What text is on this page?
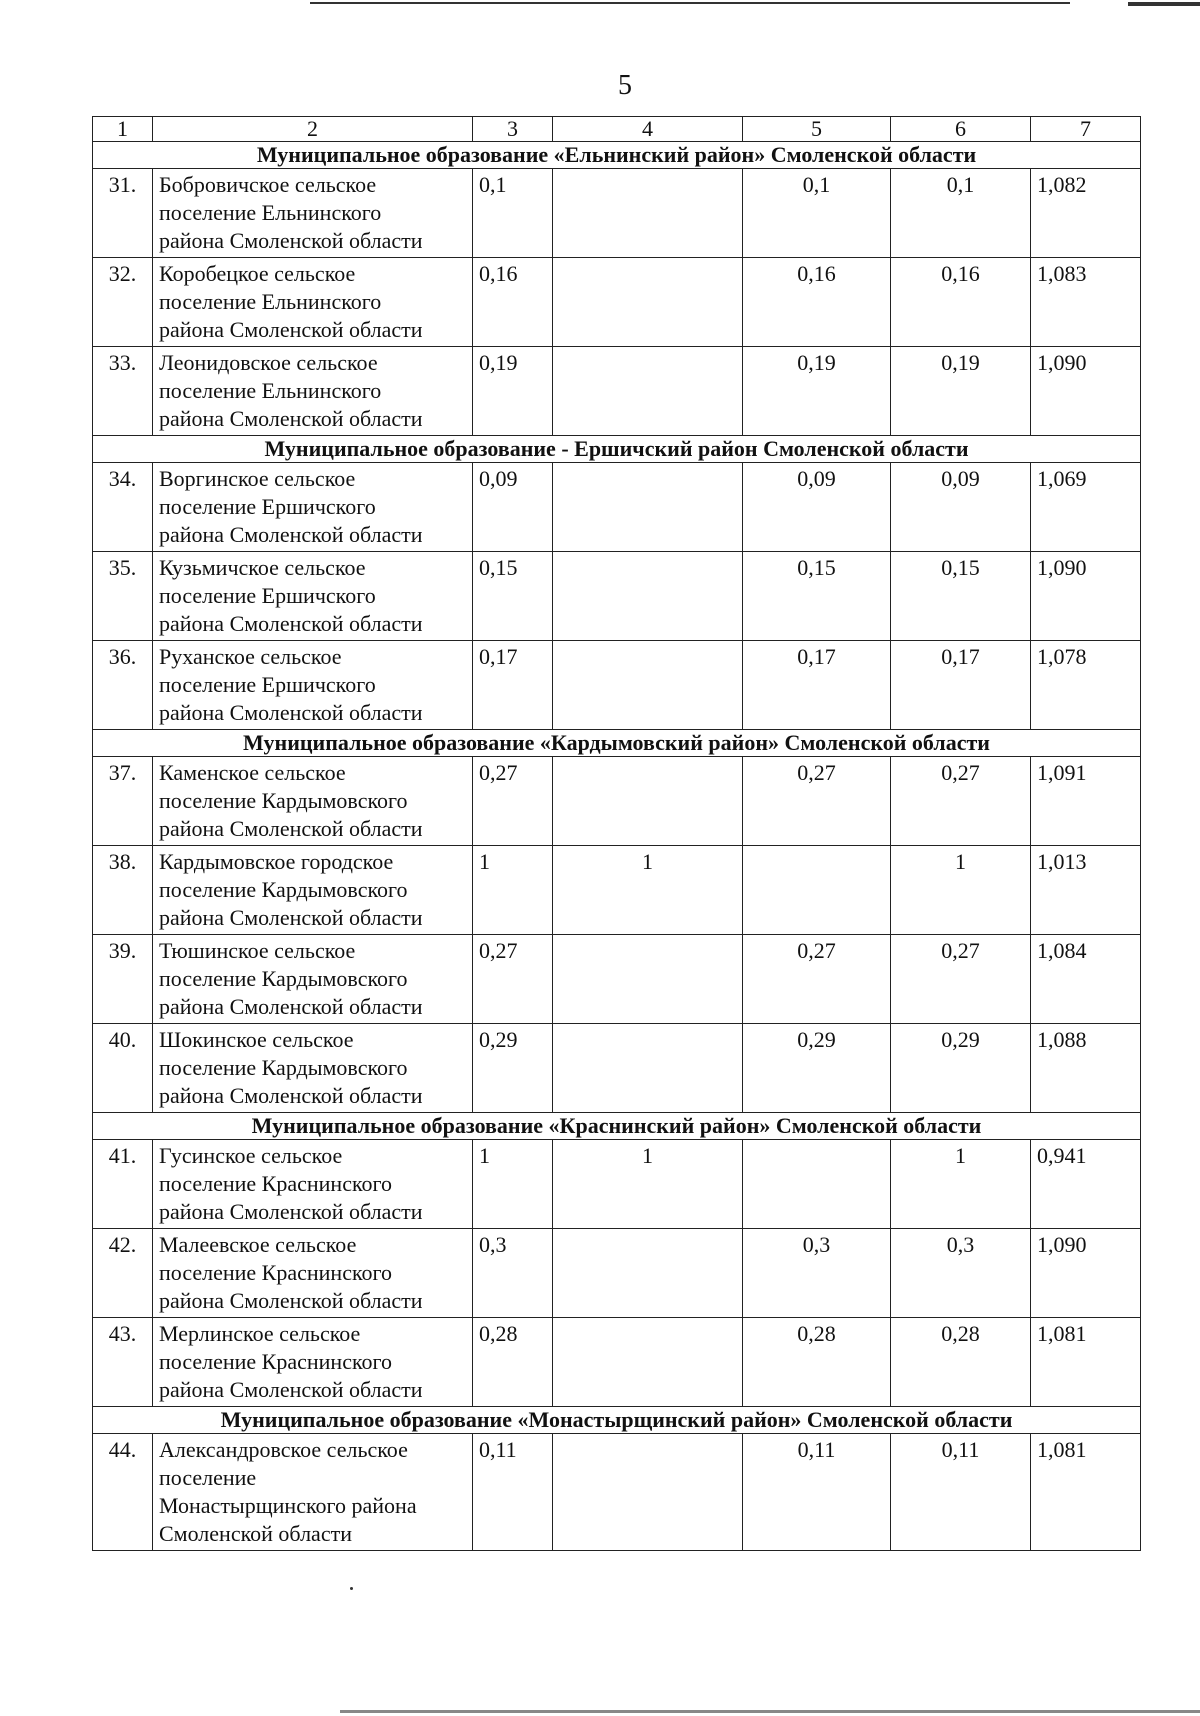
5
1	2	3	4	5	6	7
Муниципальное образование «Ельнинский район» Смоленской области						
31.	Бобровичское сельское
поселение Ельнинского
района Смоленской области	0,1		0,1	0,1	1,082
32.	Коробецкое сельское
поселение Ельнинского
района Смоленской области	0,16		0,16	0,16	1,083
33.	Леонидовское сельское
поселение Ельнинского
района Смоленской области	0,19		0,19	0,19	1,090
Муниципальное образование - Ершичский район Смоленской области						
34.	Воргинское сельское
поселение Ершичского
района Смоленской области	0,09		0,09	0,09	1,069
35.	Кузьмичское сельское
поселение Ершичского
района Смоленской области	0,15		0,15	0,15	1,090
36.	Руханское сельское
поселение Ершичского
района Смоленской области	0,17		0,17	0,17	1,078
Муниципальное образование «Кардымовский район» Смоленской области						
37.	Каменское сельское
поселение Кардымовского
района Смоленской области	0,27		0,27	0,27	1,091
38.	Кардымовское городское
поселение Кардымовского
района Смоленской области	1	1		1	1,013
39.	Тюшинское сельское
поселение Кардымовского
района Смоленской области	0,27		0,27	0,27	1,084
40.	Шокинское сельское
поселение Кардымовского
района Смоленской области	0,29		0,29	0,29	1,088
Муниципальное образование «Краснинский район» Смоленской области						
41.	Гусинское сельское
поселение Краснинского
района Смоленской области	1	1		1	0,941
42.	Малеевское сельское
поселение Краснинского
района Смоленской области	0,3		0,3	0,3	1,090
43.	Мерлинское сельское
поселение Краснинского
района Смоленской области	0,28		0,28	0,28	1,081
Муниципальное образование «Монастырщинский район» Смоленской области						
44.	Александровское сельское
поселение
Монастырщинского района
Смоленской области	0,11		0,11	0,11	1,081
